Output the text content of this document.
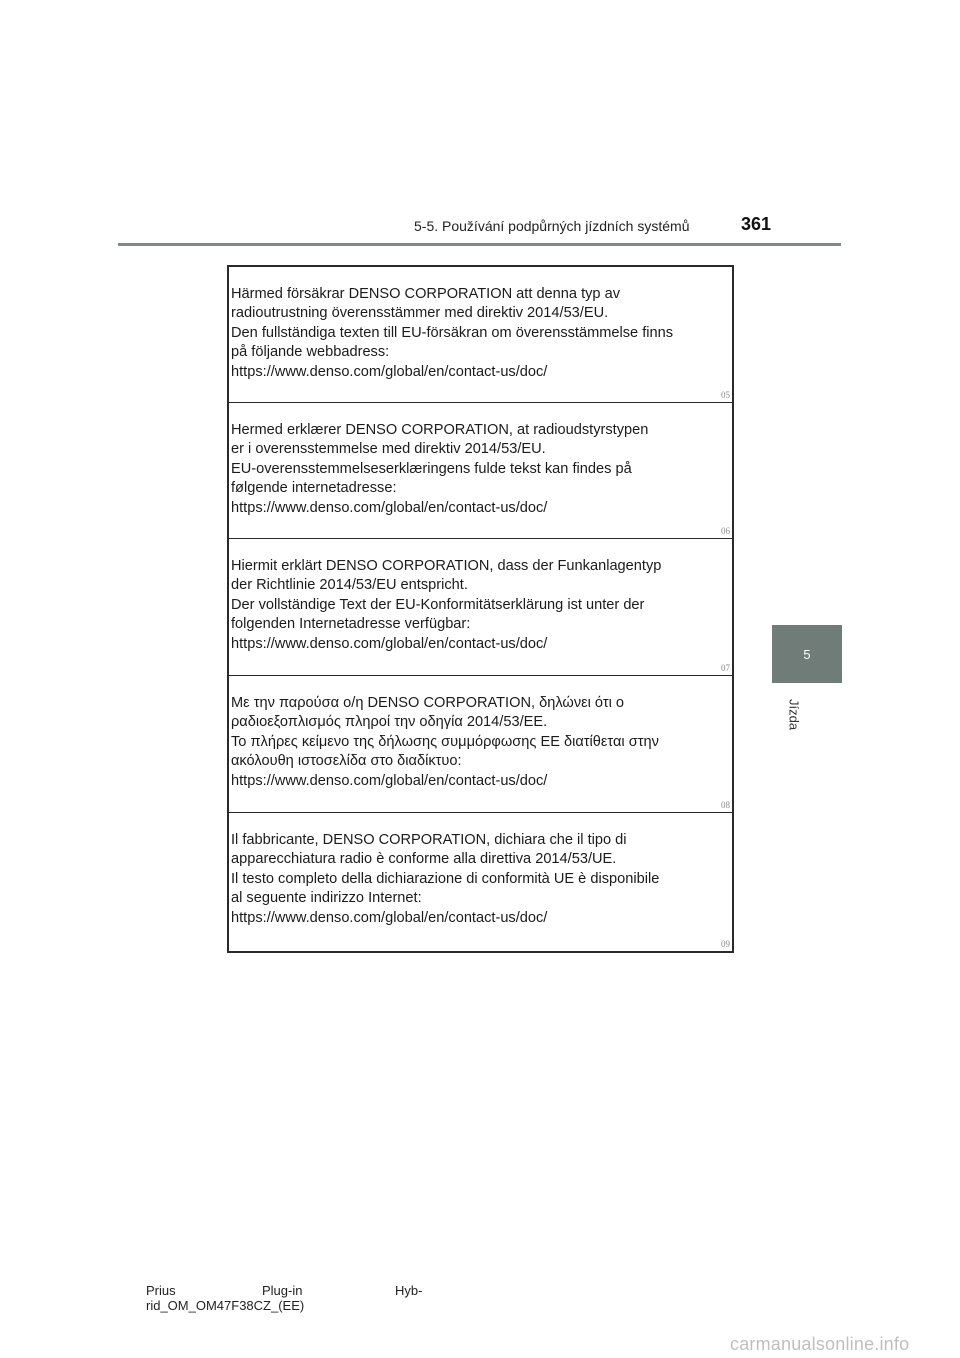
5-5. Používání podpůrných jízdních systémů	361
5
Jízda
Härmed försäkrar DENSO CORPORATION att denna typ av
radioutrustning överensstämmer med direktiv 2014/53/EU.
Den fullständiga texten till EU-försäkran om överensstämmelse finns
på följande webbadress:
https://www.denso.com/global/en/contact-us/doc/
05
Hermed erklærer DENSO CORPORATION, at radioudstyrstypen
er i overensstemmelse med direktiv 2014/53/EU.
EU-overensstemmelseserklæringens fulde tekst kan findes på
følgende internetadresse:
https://www.denso.com/global/en/contact-us/doc/
06
Hiermit erklärt DENSO CORPORATION, dass der Funkanlagentyp
der Richtlinie 2014/53/EU entspricht.
Der vollständige Text der EU-Konformitätserklärung ist unter der
folgenden Internetadresse verfügbar:
https://www.denso.com/global/en/contact-us/doc/
07
Με την παρούσα ο/η DENSO CORPORATION, δηλώνει ότι ο
ραδιοεξοπλισμός πληροί την οδηγία 2014/53/ΕΕ.
Το πλήρες κείμενο της δήλωσης συμμόρφωσης ΕΕ διατίθεται στην
ακόλουθη ιστοσελίδα στο διαδίκτυο:
https://www.denso.com/global/en/contact-us/doc/
08
Il fabbricante, DENSO CORPORATION, dichiara che il tipo di
apparecchiatura radio è conforme alla direttiva 2014/53/UE.
Il testo completo della dichiarazione di conformità UE è disponibile
al seguente indirizzo Internet:
https://www.denso.com/global/en/contact-us/doc/
09
Prius	Plug-in	Hyb-
rid_OM_OM47F38CZ_(EE)
carmanualsonline.info
